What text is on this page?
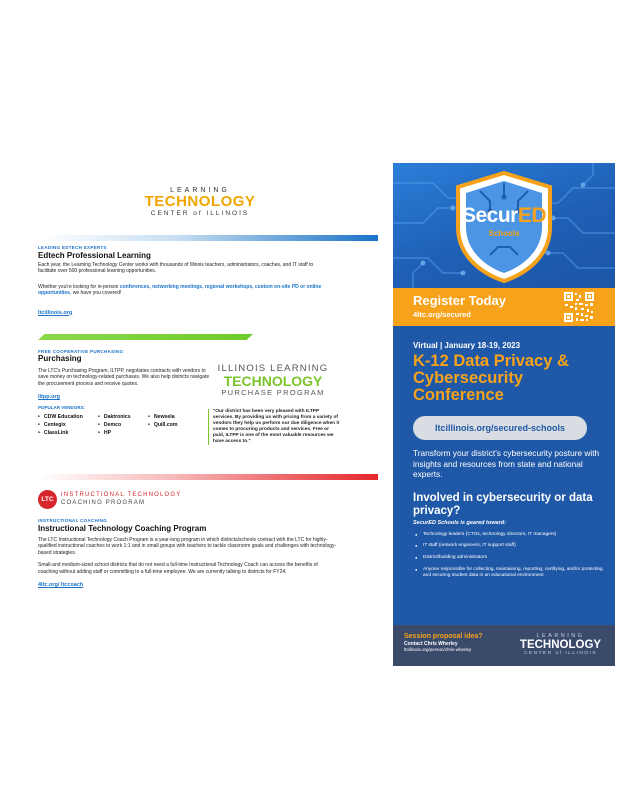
LEARNING
TECHNOLOGY
CENTER of ILLINOIS
LEADING EDTECH EXPERTS
Edtech Professional Learning
Each year, the Learning Technology Center works with thousands of Illinois teachers, administrators, coaches, and IT staff to facilitate over 500 professional learning opportunities.
Whether you're looking for in-person conferences, networking meetings, regional workshops, custom on-site PD or online opportunities, we have you covered!
ltcillinois.org
FREE COOPERATIVE PURCHASING
Purchasing
The LTC's Purchasing Program, ILTPP, negotiates contracts with vendors to save money on technology-related purchases. We also help districts navigate the procurement process and receive quotes.
iltpp.org
POPULAR VENDORS:
• CDW Education	• Daktronics	• Newsela
• Centegix	• Demco	• Quill.com
• ClassLink	• HP
ILLINOIS LEARNING
TECHNOLOGY
PURCHASE PROGRAM
"Our district has been very pleased with ILTPP services. By providing us with pricing from a variety of vendors they help us perform our due diligence when it comes to procuring products and services. Free or paid, ILTPP is one of the most valuable resources we have access to."
LTC
INSTRUCTIONAL TECHNOLOGY
COACHING PROGRAM
INSTRUCTIONAL COACHING
Instructional Technology Coaching Program
The LTC Instructional Technology Coach Program is a year-long program in which districts/schools contract with the LTC for highly-qualified instructional coaches to work 1:1 and in small groups with teachers to tackle classroom goals and challenges with technology-based strategies.
Small-and medium-sized school districts that do not need a full-time Instructional Technology Coach can access the benefits of coaching without adding staff or committing to a full-time employee. We are currently talking to districts for FY24.
4ltc.org/ ltccoach
SecurED
Schools
Register Today
4ltc.org/secured
Virtual | January 18-19, 2023
K-12 Data Privacy & Cybersecurity Conference
ltcillinois.org/secured-schools
Transform your district's cybersecurity posture with insights and resources from state and national experts.
Involved in cybersecurity or data privacy?
SecurED Schools is geared toward:
● Technology leaders (CTOs, technology directors, IT managers)
● IT staff (network engineers, IT support staff)
● District/building administrators
● Anyone responsible for collecting, maintaining, reporting, certifying, and/or protecting and securing student data in an educational environment
Session proposal idea?
Contact Chris Wherley
ltcillinois.org/person/chris-wherley
LEARNING
TECHNOLOGY
CENTER of ILLINOIS
